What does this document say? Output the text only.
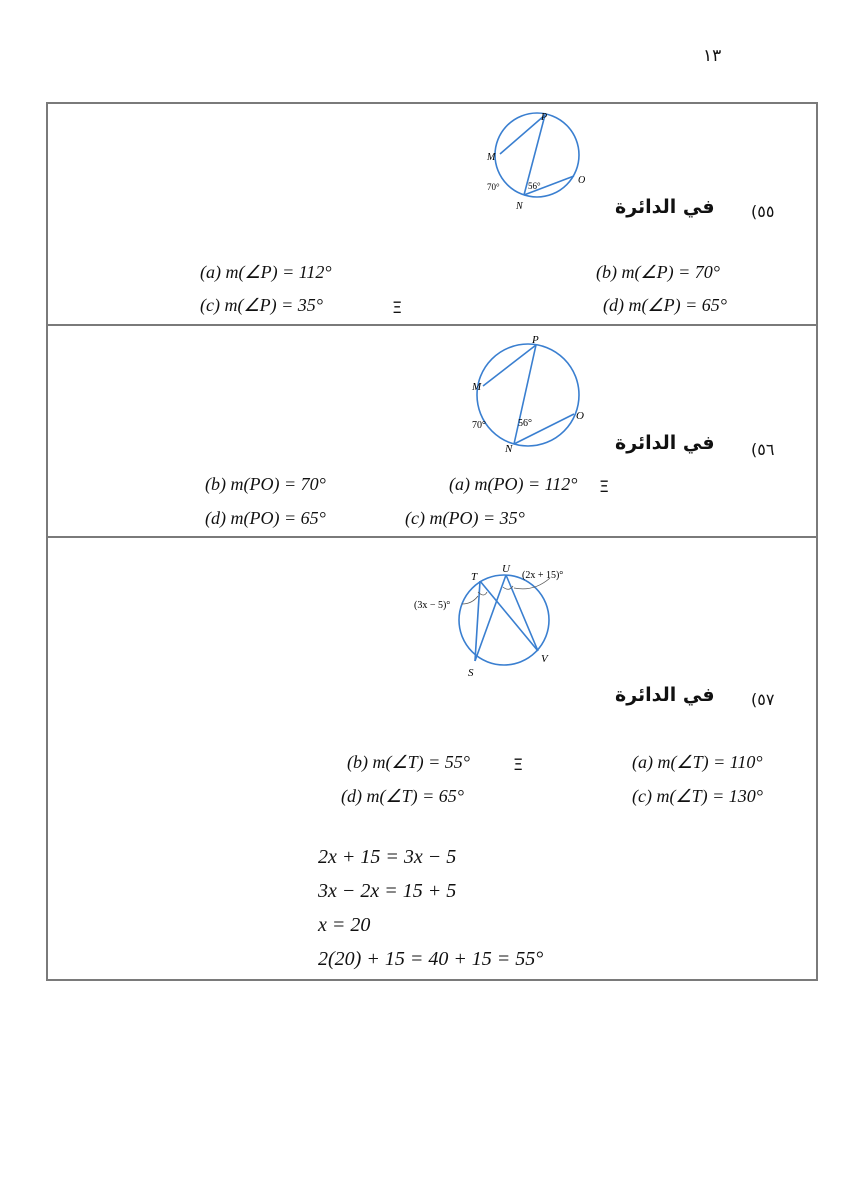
١٣
P
M
O
N
70°	56°
في الدائرة ٥٥)
(a) m(∠P) = 112°	(b) m(∠P) = 70°
(c) m(∠P) = 35°	Ξ	(d) m(∠P) = 65°
P
M
O
N
70°	56°
في الدائرة ٥٦)
(b) m(PO) = 70°	(a) m(PO) = 112° Ξ
(d) m(PO) = 65°	(c) m(PO) = 35°
T
U
S
V
(2x + 15)°
(3x − 5)°
في الدائرة ٥٧)
(b) m(∠T) = 55°	Ξ	(a) m(∠T) = 110°
(d) m(∠T) = 65°	(c) m(∠T) = 130°
2x + 15 = 3x − 5
3x − 2x = 15 + 5
x = 20
2(20) + 15 = 40 + 15 = 55°
